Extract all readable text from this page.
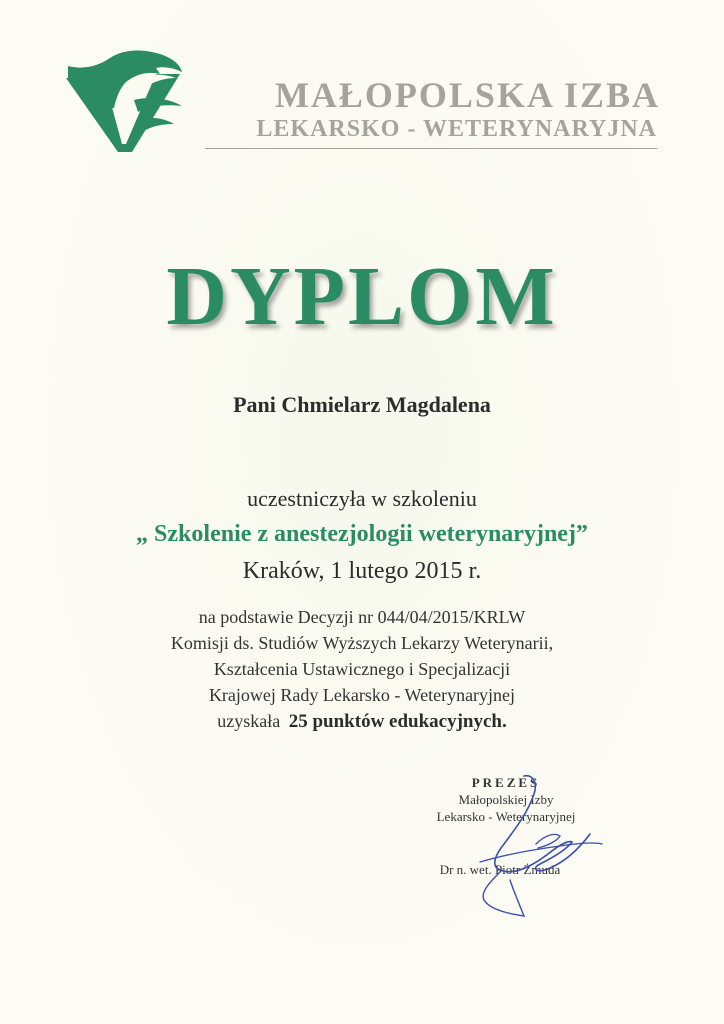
MAŁOPOLSKA IZBA
LEKARSKO - WETERYNARYJNA
DYPLOM
Pani Chmielarz Magdalena
uczestniczyła w szkoleniu
„ Szkolenie z anestezjologii weterynaryjnej”
Kraków, 1 lutego 2015 r.
na podstawie Decyzji nr 044/04/2015/KRLW
Komisji ds. Studiów Wyższych Lekarzy Weterynarii,
Kształcenia Ustawicznego i Specjalizacji
Krajowej Rady Lekarsko - Weterynaryjnej
uzyskała 25 punktów edukacyjnych.
PREZES
Małopolskiej Izby
Lekarsko - Weterynaryjnej
Dr n. wet. Piotr Żmuda
